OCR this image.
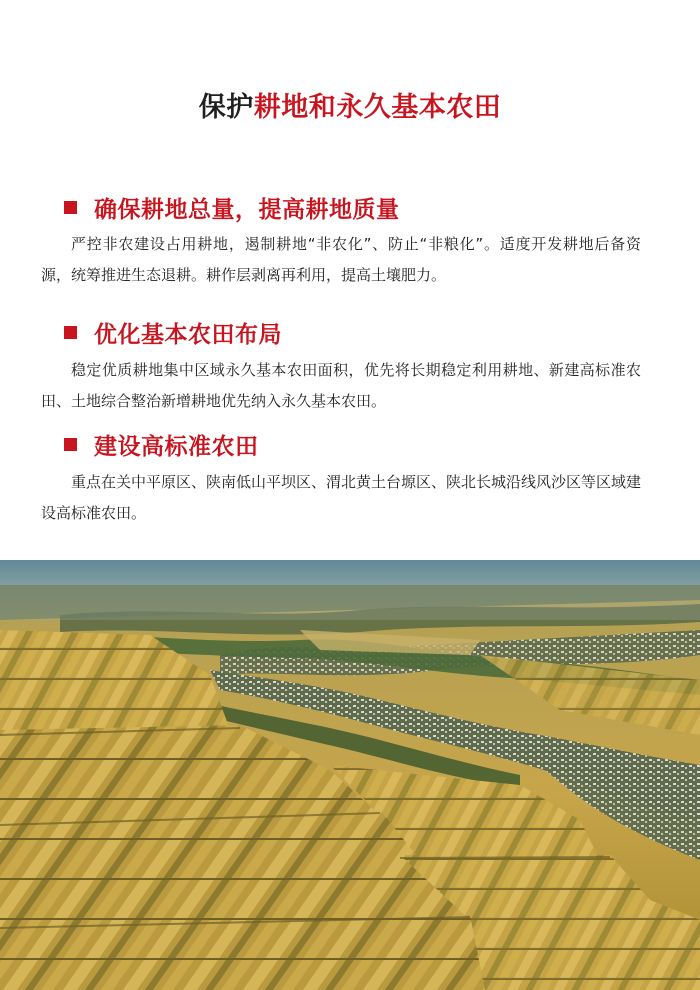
保护耕地和永久基本农田
确保耕地总量，提高耕地质量

严控非农建设占用耕地，遏制耕地“非农化”、防止“非粮化”。适度开发耕地后备资源，统筹推进生态退耕。耕作层剥离再利用，提高土壤肥力。

优化基本农田布局

稳定优质耕地集中区域永久基本农田面积，优先将长期稳定利用耕地、新建高标准农田、土地综合整治新增耕地优先纳入永久基本农田。

建设高标准农田

重点在关中平原区、陕南低山平坝区、渭北黄土台塬区、陕北长城沿线风沙区等区域建设高标准农田。
